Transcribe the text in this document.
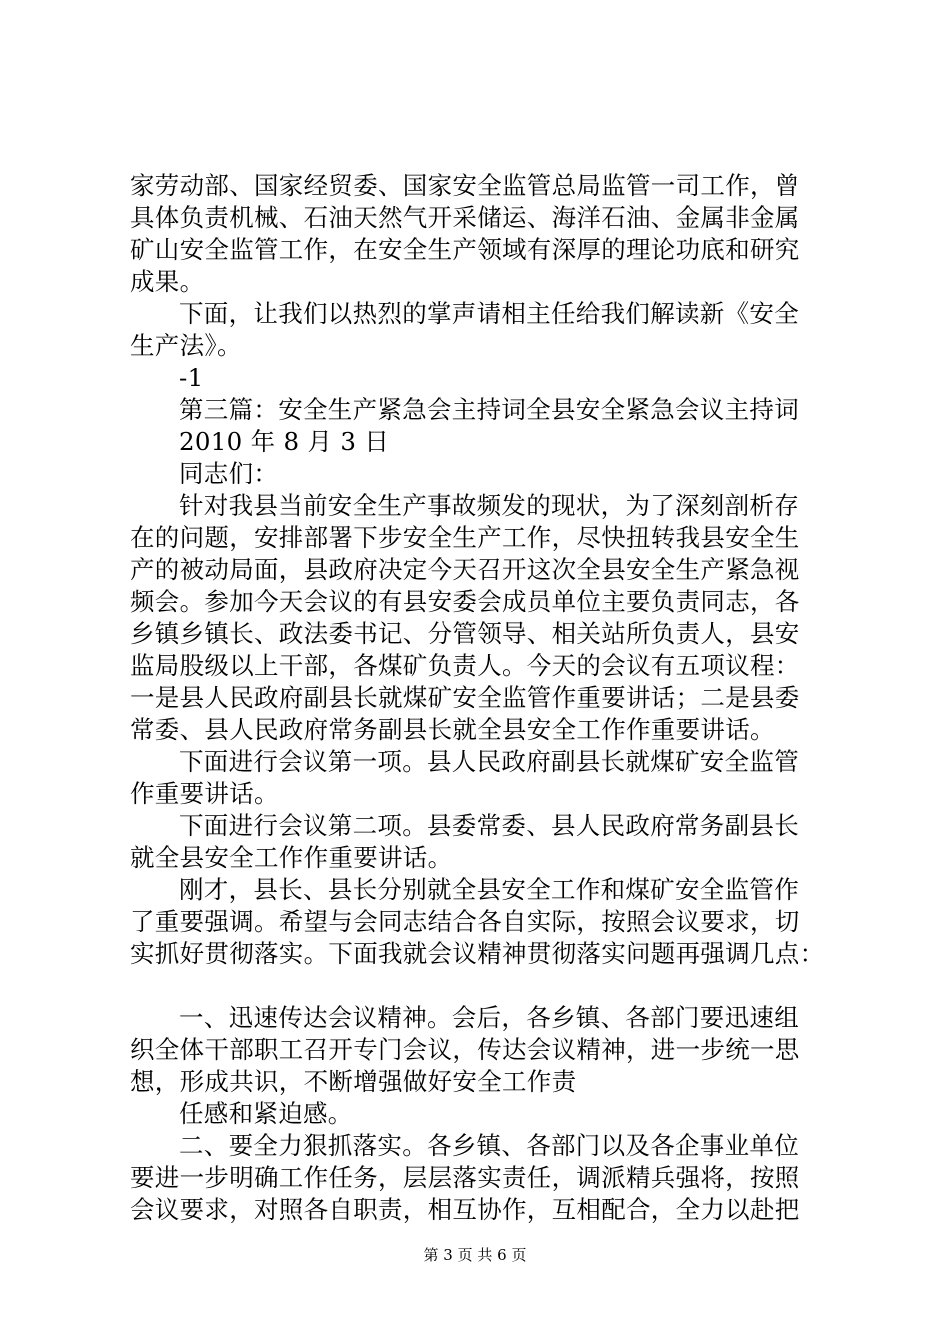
家劳动部、国家经贸委、国家安全监管总局监管一司工作，曾
具体负责机械、石油天然气开采储运、海洋石油、金属非金属
矿山安全监管工作，在安全生产领域有深厚的理论功底和研究
成果。
下面，让我们以热烈的掌声请相主任给我们解读新《安全
生产法》。
-1
第三篇：安全生产紧急会主持词全县安全紧急会议主持词
2010 年 8 月 3 日
同志们：
针对我县当前安全生产事故频发的现状，为了深刻剖析存
在的问题，安排部署下步安全生产工作，尽快扭转我县安全生
产的被动局面，县政府决定今天召开这次全县安全生产紧急视
频会。参加今天会议的有县安委会成员单位主要负责同志，各
乡镇乡镇长、政法委书记、分管领导、相关站所负责人，县安
监局股级以上干部，各煤矿负责人。今天的会议有五项议程：
一是县人民政府副县长就煤矿安全监管作重要讲话；二是县委
常委、县人民政府常务副县长就全县安全工作作重要讲话。
下面进行会议第一项。县人民政府副县长就煤矿安全监管
作重要讲话。
下面进行会议第二项。县委常委、县人民政府常务副县长
就全县安全工作作重要讲话。
刚才，县长、县长分别就全县安全工作和煤矿安全监管作
了重要强调。希望与会同志结合各自实际，按照会议要求，切
实抓好贯彻落实。下面我就会议精神贯彻落实问题再强调几点：
一、迅速传达会议精神。会后，各乡镇、各部门要迅速组
织全体干部职工召开专门会议，传达会议精神，进一步统一思
想，形成共识，不断增强做好安全工作责
任感和紧迫感。
二、要全力狠抓落实。各乡镇、各部门以及各企事业单位
要进一步明确工作任务，层层落实责任，调派精兵强将，按照
会议要求，对照各自职责，相互协作，互相配合，全力以赴把
第 3 页 共 6 页
